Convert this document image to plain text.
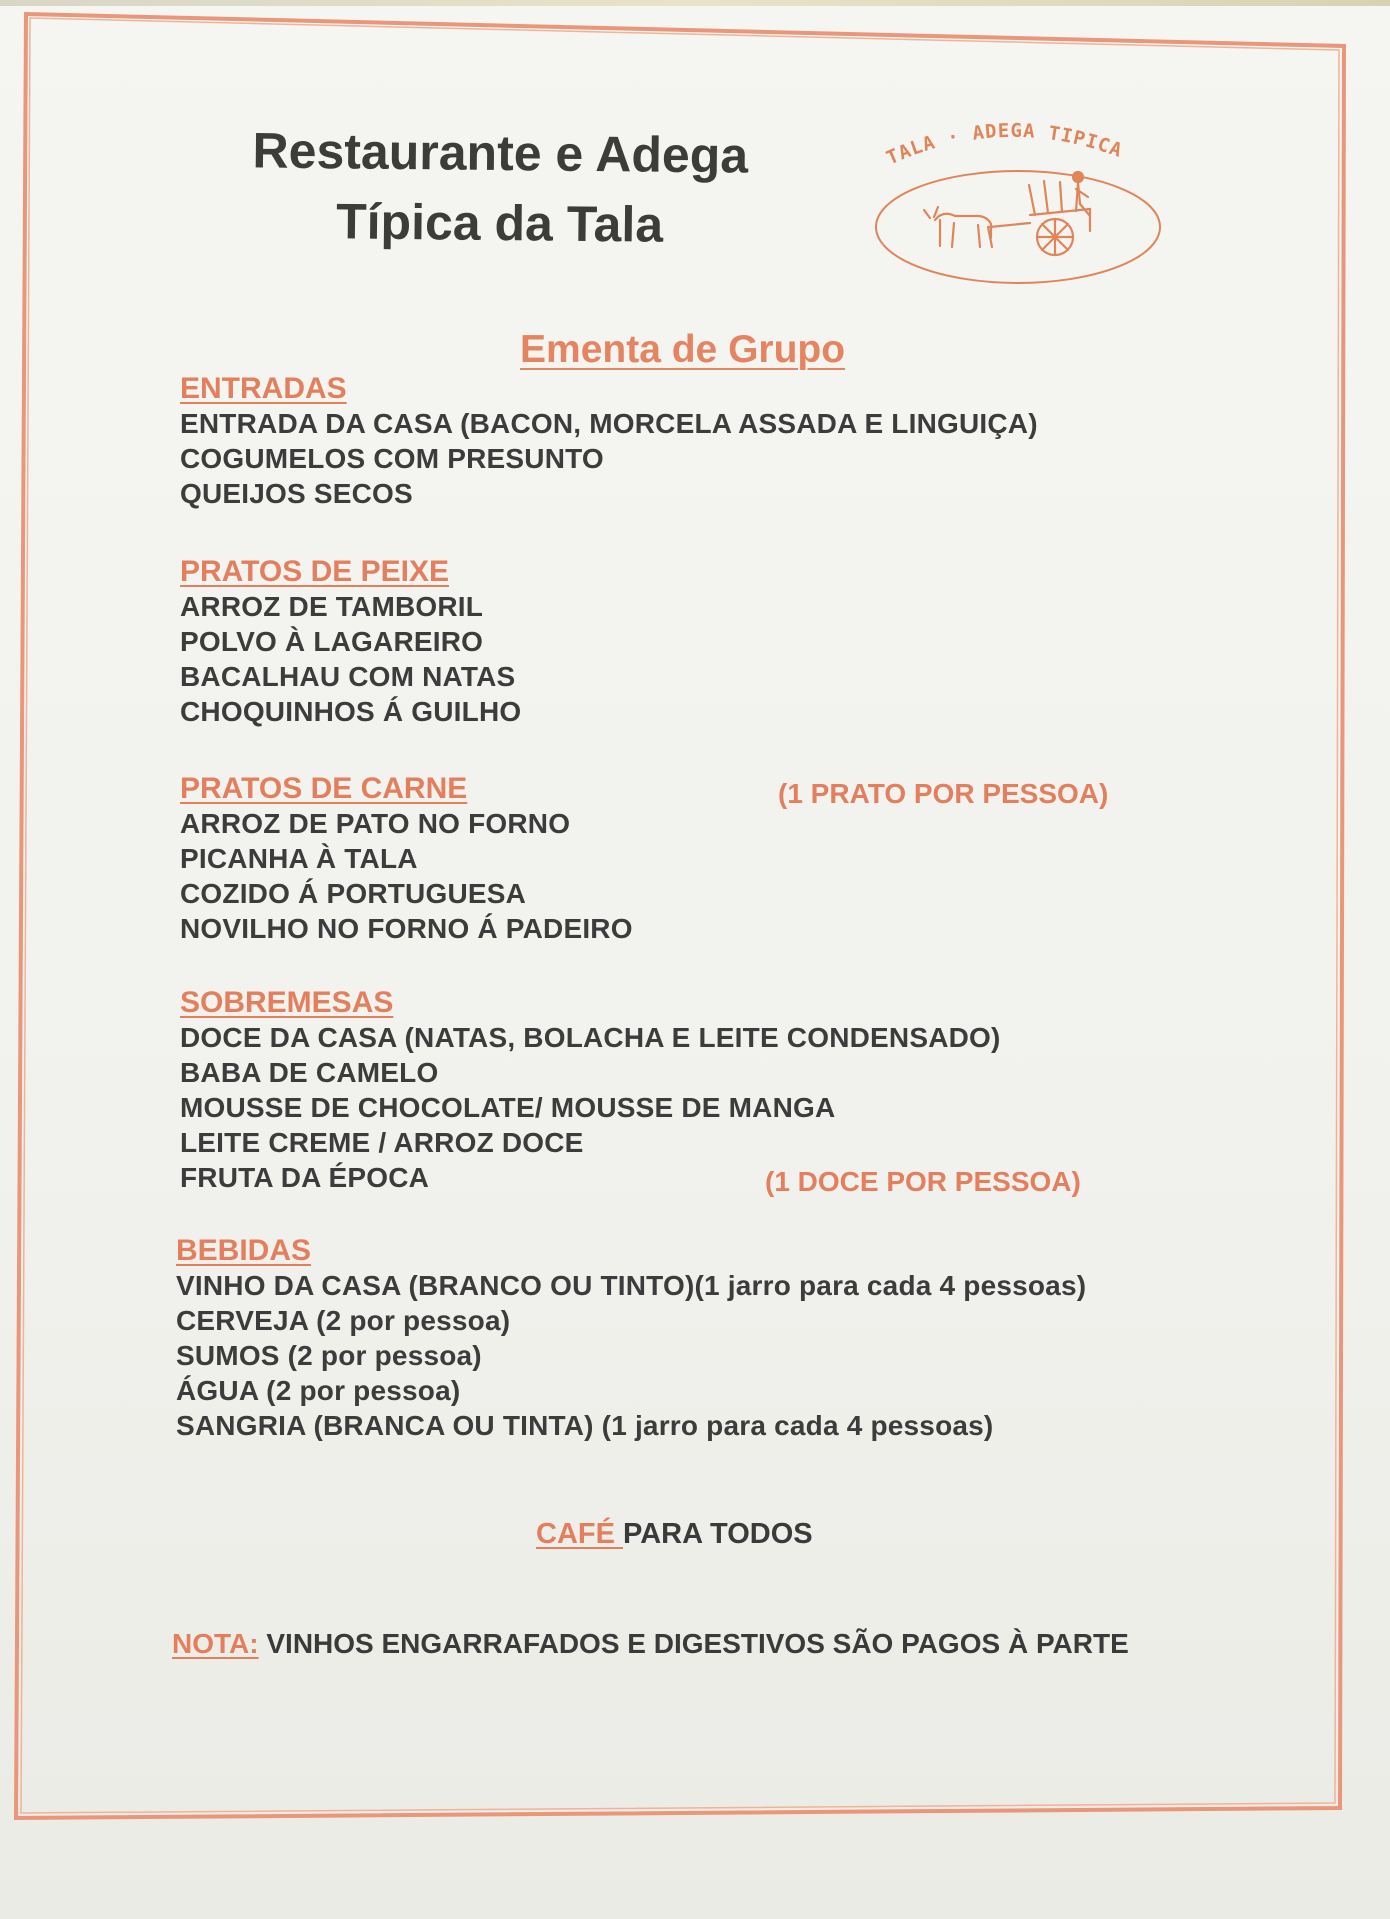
Restaurante e Adega
Típica da Tala
TALA · ADEGA TIPICA
Ementa de Grupo
ENTRADAS
ENTRADA DA CASA (BACON, MORCELA ASSADA E LINGUIÇA)
COGUMELOS COM PRESUNTO
QUEIJOS SECOS
PRATOS DE PEIXE
ARROZ DE TAMBORIL
POLVO À LAGAREIRO
BACALHAU COM NATAS
CHOQUINHOS Á GUILHO
PRATOS DE CARNE
ARROZ DE PATO NO FORNO
PICANHA À TALA
COZIDO Á PORTUGUESA
NOVILHO NO FORNO Á PADEIRO
(1 PRATO POR PESSOA)
SOBREMESAS
DOCE DA CASA (NATAS, BOLACHA E LEITE CONDENSADO)
BABA DE CAMELO
MOUSSE DE CHOCOLATE/ MOUSSE DE MANGA
LEITE CREME / ARROZ DOCE
FRUTA DA ÉPOCA	(1 DOCE POR PESSOA)
BEBIDAS
VINHO DA CASA (BRANCO OU TINTO)(1 jarro para cada 4 pessoas)
CERVEJA (2 por pessoa)
SUMOS (2 por pessoa)
ÁGUA (2 por pessoa)
SANGRIA (BRANCA OU TINTA) (1 jarro para cada 4 pessoas)
CAFÉ PARA TODOS
NOTA: VINHOS ENGARRAFADOS E DIGESTIVOS SÃO PAGOS À PARTE
